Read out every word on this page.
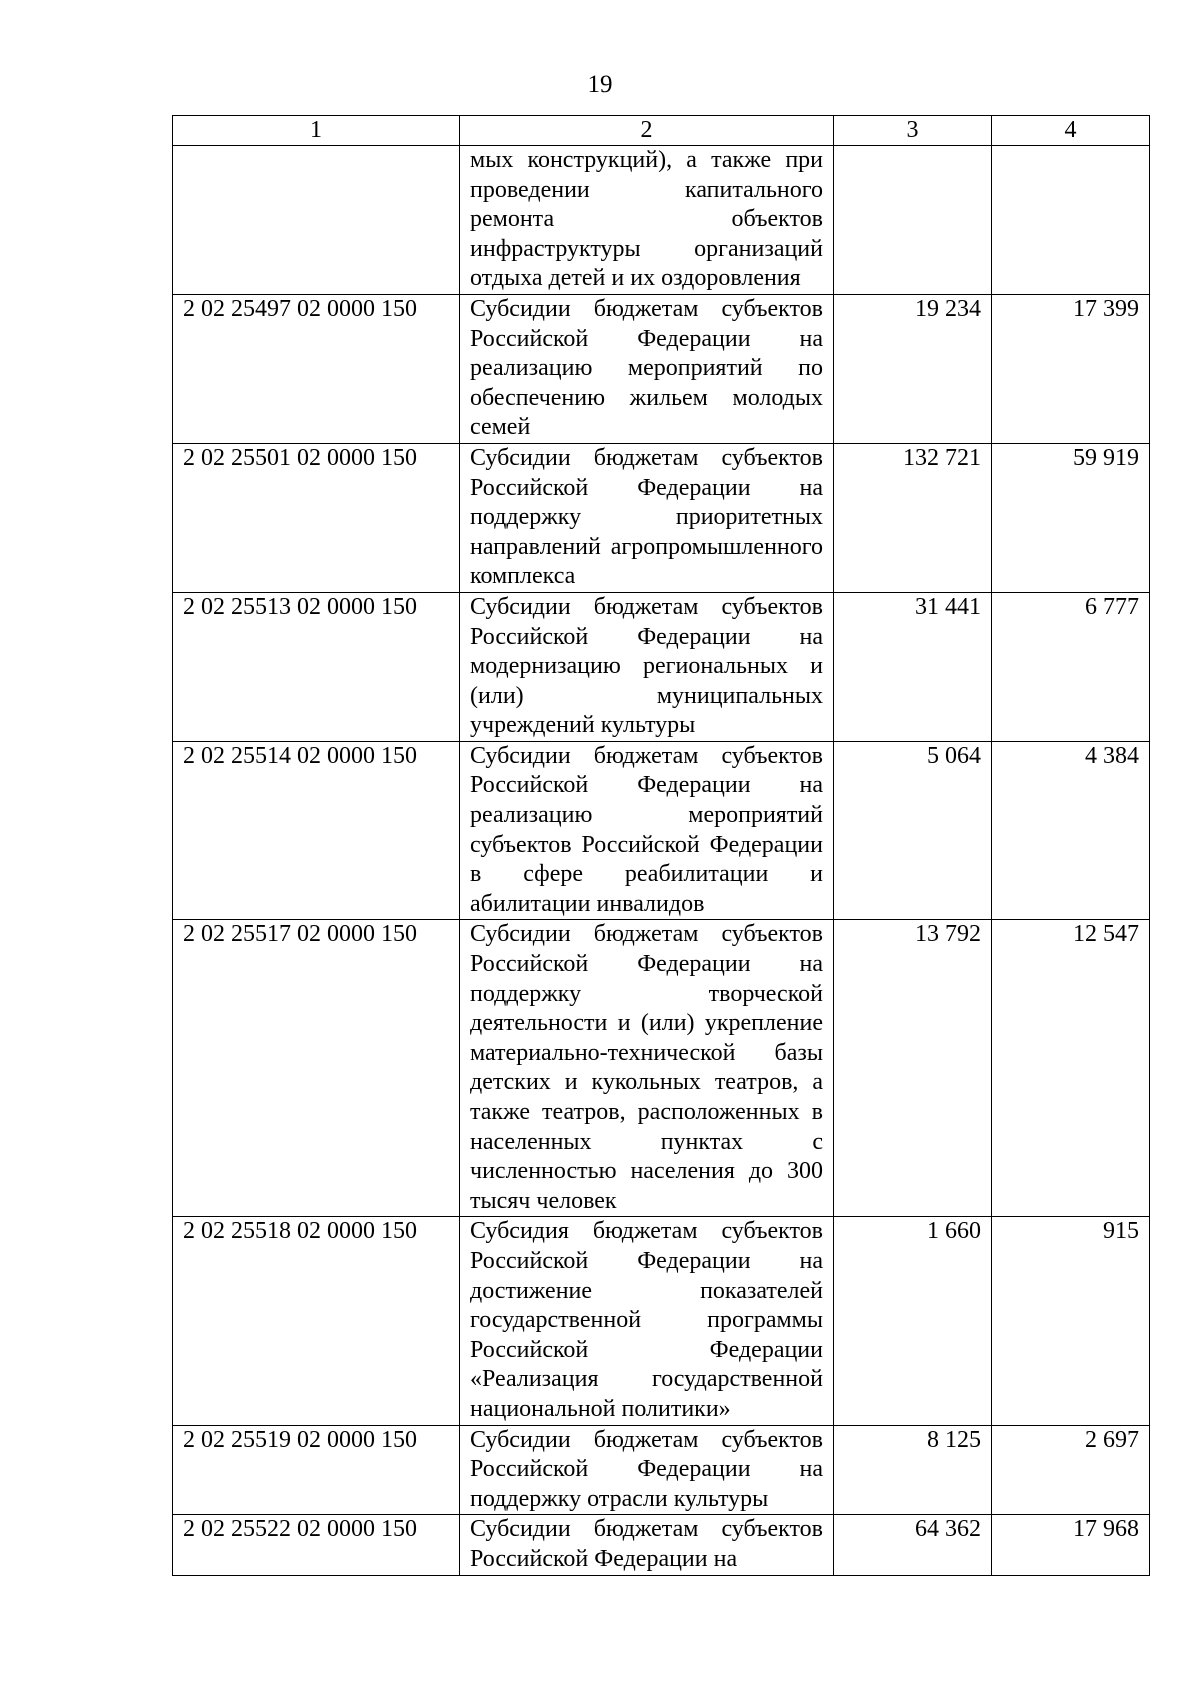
19
1	2	3	4
	мых конструкций), а также при проведении капитального ремонта объектов инфраструктуры организаций отдыха детей и их оздоровления		
2 02 25497 02 0000 150	Субсидии бюджетам субъектов Российской Федерации на реализацию мероприятий по обеспечению жильем молодых семей	19 234	17 399
2 02 25501 02 0000 150	Субсидии бюджетам субъектов Российской Федерации на поддержку приоритетных направлений агропромышленного комплекса	132 721	59 919
2 02 25513 02 0000 150	Субсидии бюджетам субъектов Российской Федерации на модернизацию региональных и (или) муниципальных учреждений культуры	31 441	6 777
2 02 25514 02 0000 150	Субсидии бюджетам субъектов Российской Федерации на реализацию мероприятий субъектов Российской Федерации в сфере реабилитации и абилитации инвалидов	5 064	4 384
2 02 25517 02 0000 150	Субсидии бюджетам субъектов Российской Федерации на поддержку творческой деятельности и (или) укрепление материально-технической базы детских и кукольных театров, а также театров, расположенных в населенных пунктах с численностью населения до 300 тысяч человек	13 792	12 547
2 02 25518 02 0000 150	Субсидия бюджетам субъектов Российской Федерации на достижение показателей государственной программы Российской Федерации «Реализация государственной национальной политики»	1 660	915
2 02 25519 02 0000 150	Субсидии бюджетам субъектов Российской Федерации на поддержку отрасли культуры	8 125	2 697
2 02 25522 02 0000 150	Субсидии бюджетам субъектов Российской Федерации на	64 362	17 968
